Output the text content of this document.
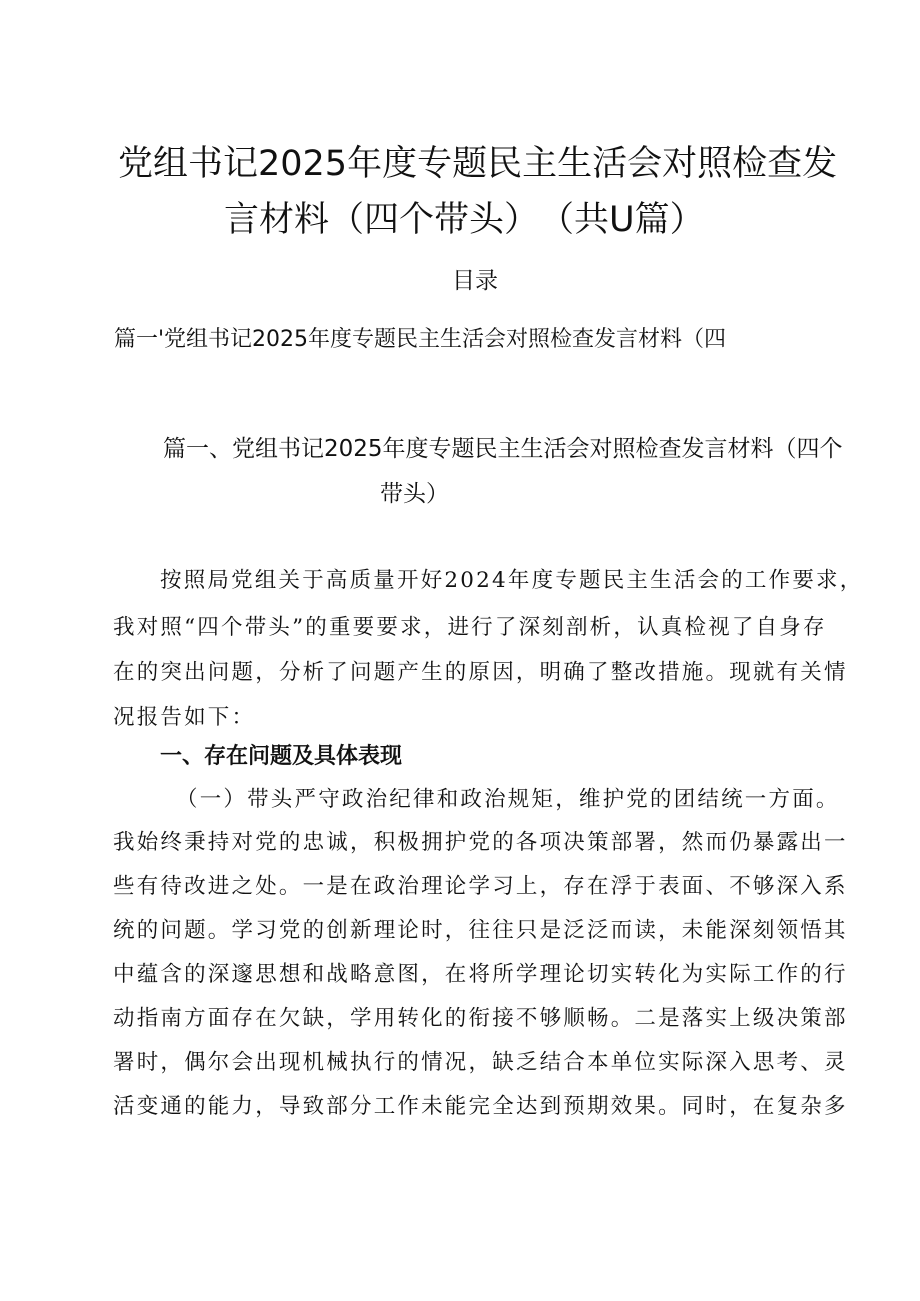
党组书记2025年度专题民主生活会对照检查发
言材料（四个带头）　（共U篇）
目录
篇一'党组书记2025年度专题民主生活会对照检查发言材料（四
篇一、党组书记2025年度专题民主生活会对照检查发言材料（四个
带头）
按照局党组关于高质量开好2024年度专题民主生活会的工作要求，
我对照“四个带头”的重要要求，进行了深刻剖析，认真检视了自身存
在的突出问题，分析了问题产生的原因，明确了整改措施。现就有关情
况报告如下：
一、存在问题及具体表现
（一）带头严守政治纪律和政治规矩，维护党的团结统一方面。
我始终秉持对党的忠诚，积极拥护党的各项决策部署，然而仍暴露出一
些有待改进之处。一是在政治理论学习上，存在浮于表面、不够深入系
统的问题。学习党的创新理论时，往往只是泛泛而读，未能深刻领悟其
中蕴含的深邃思想和战略意图，在将所学理论切实转化为实际工作的行
动指南方面存在欠缺，学用转化的衔接不够顺畅。二是落实上级决策部
署时，偶尔会出现机械执行的情况，缺乏结合本单位实际深入思考、灵
活变通的能力，导致部分工作未能完全达到预期效果。同时，在复杂多
